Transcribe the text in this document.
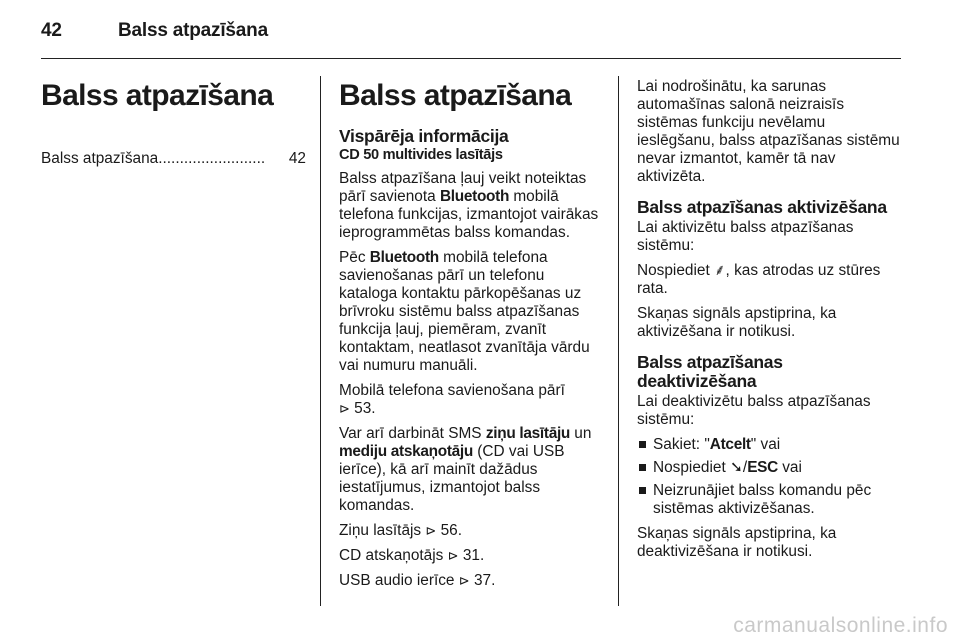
42	Balss atpazīšana
Balss atpazīšana
Balss atpazīšana .........................	42
Balss atpazīšana
Vispārēja informācija
CD 50 multivides lasītājs

Balss atpazīšana ļauj veikt noteiktas pārī savienota Bluetooth mobilā telefona funkcijas, izmantojot vairākas ieprogrammētas balss komandas.

Pēc Bluetooth mobilā telefona savienošanas pārī un telefonu kataloga kontaktu pārkopēšanas uz brīvroku sistēmu balss atpazīšanas funkcija ļauj, piemēram, zvanīt kontaktam, neatlasot zvanītāja vārdu vai numuru manuāli.

Mobilā telefona savienošana pārī
⊳ 53.

Var arī darbināt SMS ziņu lasītāju un mediju atskaņotāju (CD vai USB ierīce), kā arī mainīt dažādus iestatījumus, izmantojot balss komandas.

Ziņu lasītājs ⊳ 56.

CD atskaņotājs ⊳ 31.

USB audio ierīce ⊳ 37.

Lai nodrošinātu, ka sarunas automašīnas salonā neizraisīs sistēmas funkciju nevēlamu ieslēgšanu, balss atpazīšanas sistēmu nevar izmantot, kamēr tā nav aktivizēta.

Balss atpazīšanas aktivizēšana

Lai aktivizētu balss atpazīšanas sistēmu:

Nospiediet ⸙, kas atrodas uz stūres rata.

Skaņas signāls apstiprina, ka aktivizēšana ir notikusi.

Balss atpazīšanas deaktivizēšana

Lai deaktivizētu balss atpazīšanas sistēmu:

Sakiet: "Atcelt" vai
Nospiediet ➘/ESC vai
Neizrunājiet balss komandu pēc sistēmas aktivizēšanas.

Skaņas signāls apstiprina, ka deaktivizēšana ir notikusi.

carmanualsonline.info
